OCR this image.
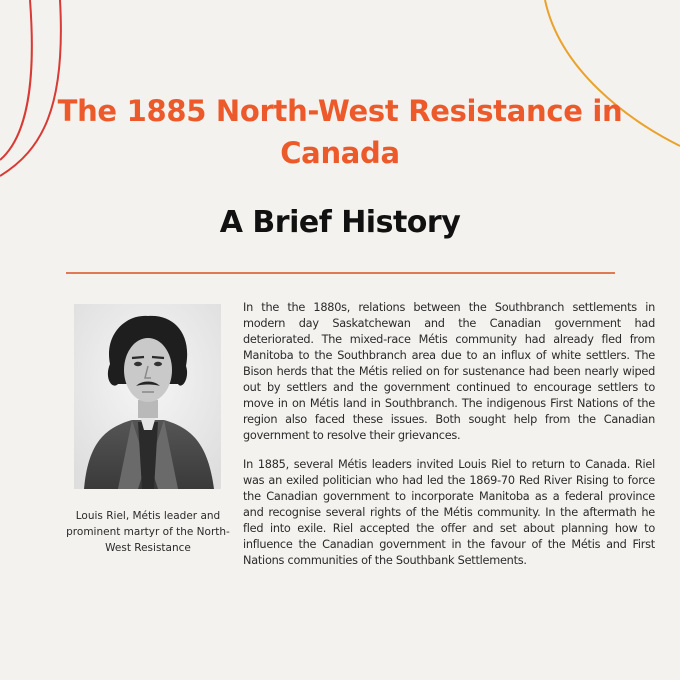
The 1885 North-West Resistance in Canada
A Brief History
Louis Riel, Métis leader and prominent martyr of the North-West Resistance

In the the 1880s, relations between the Southbranch settlements in modern day Saskatchewan and the Canadian government had deteriorated. The mixed-race Métis community had already fled from Manitoba to the Southbranch area due to an influx of white settlers. The Bison herds that the Métis relied on for sustenance had been nearly wiped out by settlers and the government continued to encourage settlers to move in on Métis land in Southbranch. The indigenous First Nations of the region also faced these issues. Both sought help from the Canadian government to resolve their grievances.

In 1885, several Métis leaders invited Louis Riel to return to Canada. Riel was an exiled politician who had led the 1869-70 Red River Rising to force the Canadian government to incorporate Manitoba as a federal province and recognise several rights of the Métis community. In the aftermath he fled into exile. Riel accepted the offer and set about planning how to influence the Canadian government in the favour of the Métis and First Nations communities of the Southbank Settlements.
